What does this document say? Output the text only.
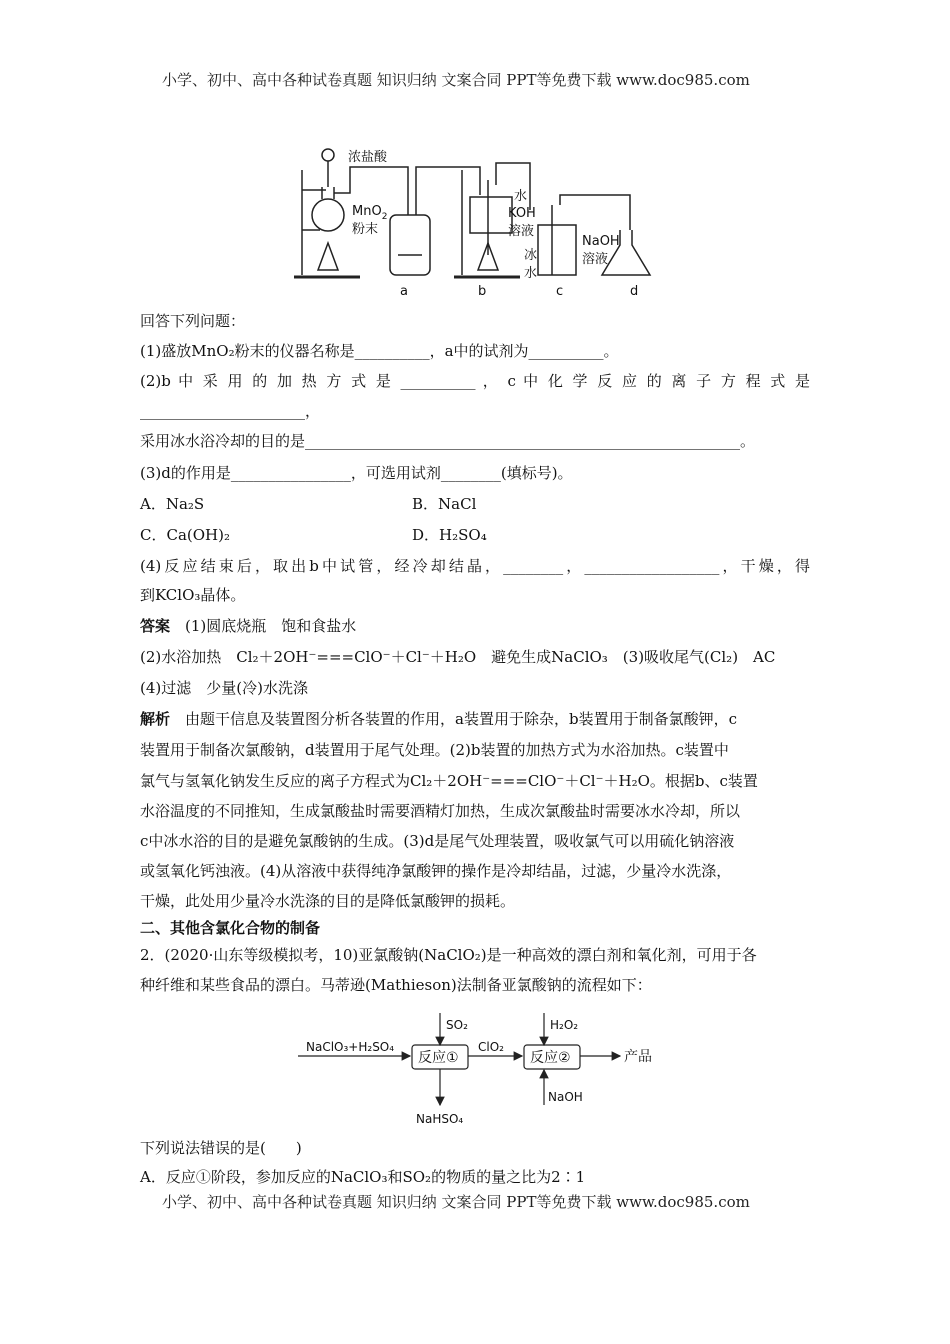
小学、初中、高中各种试卷真题 知识归纳 文案合同 PPT等免费下载 www.doc985.com
浓盐酸
MnO$_2$
粉末
水
KOH
溶液
冰
水
NaOH
溶液
a	b	c	d
回答下列问题：
(1)盛放MnO₂粉末的仪器名称是__________，a中的试剂为__________。
(2)b 中 采 用 的 加 热 方 式 是 __________ ， c 中 化 学 反 应 的 离 子 方 程 式 是
______________________，
采用冰水浴冷却的目的是__________________________________________________________。
(3)d的作用是________________，可选用试剂________(填标号)。
A．Na₂S	B．NaCl
C．Ca(OH)₂	D．H₂SO₄
(4)反应结束后，取出b中试管，经冷却结晶，________，__________________，干燥，得
到KClO₃晶体。
答案　 (1)圆底烧瓶　饱和食盐水
(2)水浴加热　Cl₂＋2OH⁻===ClO⁻＋Cl⁻＋H₂O　避免生成NaClO₃　(3)吸收尾气(Cl₂)　AC
(4)过滤　少量(冷)水洗涤
解析　 由题干信息及装置图分析各装置的作用，a装置用于除杂，b装置用于制备氯酸钾，c
装置用于制备次氯酸钠，d装置用于尾气处理。(2)b装置的加热方式为水浴加热。c装置中
氯气与氢氧化钠发生反应的离子方程式为Cl₂＋2OH⁻===ClO⁻＋Cl⁻＋H₂O。根据b、c装置
水浴温度的不同推知，生成氯酸盐时需要酒精灯加热，生成次氯酸盐时需要冰水冷却，所以
c中冰水浴的目的是避免氯酸钠的生成。(3)d是尾气处理装置，吸收氯气可以用硫化钠溶液
或氢氧化钙浊液。(4)从溶液中获得纯净氯酸钾的操作是冷却结晶，过滤，少量冷水洗涤，
干燥，此处用少量冷水洗涤的目的是降低氯酸钾的损耗。
二、其他含氯化合物的制备
2．(2020·山东等级模拟考，10)亚氯酸钠(NaClO₂)是一种高效的漂白剂和氧化剂，可用于各
种纤维和某些食品的漂白。马蒂逊(Mathieson)法制备亚氯酸钠的流程如下：
NaClO₃+H₂SO₄
SO₂
反应①
ClO₂
H₂O₂
反应②	产品
NaOH
NaHSO₄
下列说法错误的是(　　)
A．反应①阶段，参加反应的NaClO₃和SO₂的物质的量之比为2∶1
小学、初中、高中各种试卷真题 知识归纳 文案合同 PPT等免费下载 www.doc985.com
